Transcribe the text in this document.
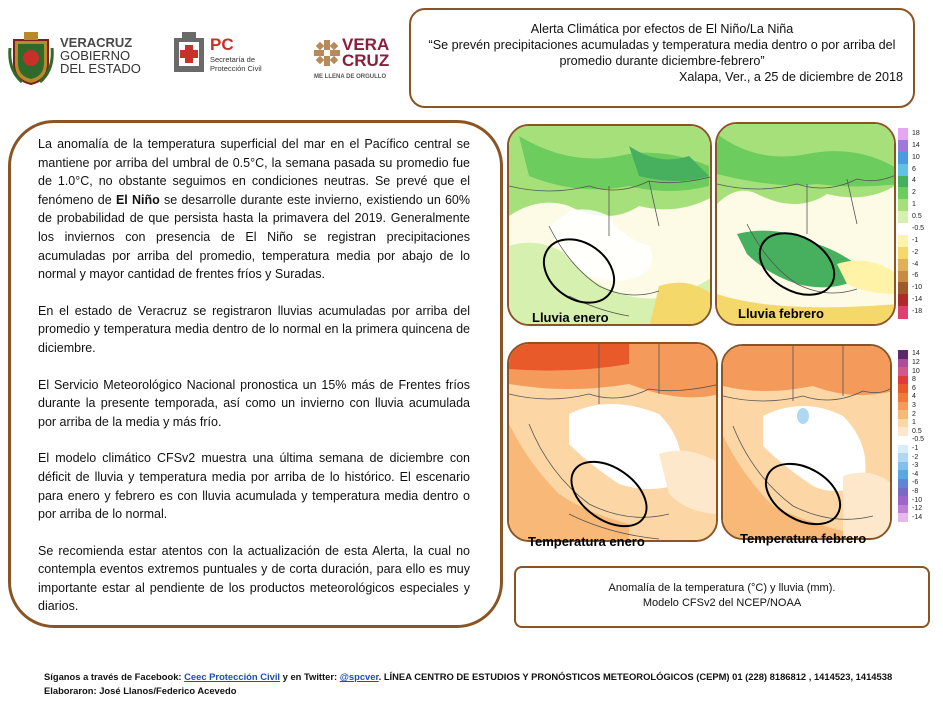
VERACRUZ
GOBIERNO
DEL ESTADO
PC
Secretaría de
Protección Civil
VERA
CRUZ
ME LLENA DE ORGULLO
Alerta Climática por efectos de El Niño/La Niña
“Se prevén precipitaciones acumuladas y temperatura media dentro o por arriba del promedio durante diciembre-febrero”
Xalapa, Ver., a 25 de diciembre de 2018

La anomalía de la temperatura superficial del mar en el Pacífico central se mantiene por arriba del umbral de 0.5°C, la semana pasada su promedio fue de 1.0°C, no obstante seguimos en condiciones neutras. Se prevé que el fenómeno de El Niño se desarrolle durante este invierno, existiendo un 60% de probabilidad de que persista hasta la primavera del 2019. Generalmente los inviernos con presencia de El Niño se registran precipitaciones acumuladas por arriba del promedio, temperatura media por abajo de lo normal y mayor cantidad de frentes fríos y Suradas.

En el estado de Veracruz se registraron lluvias acumuladas por arriba del promedio y temperatura media dentro de lo normal en la primera quincena de diciembre.

El Servicio Meteorológico Nacional pronostica un 15% más de Frentes fríos durante la presente temporada, así como un invierno con lluvia acumulada por arriba de la media y más frío.

El modelo climático CFSv2 muestra una última semana de diciembre con déficit de lluvia y temperatura media por arriba de lo histórico. El escenario para enero y febrero es con lluvia acumulada y temperatura media dentro o por arriba de lo normal.

Se recomienda estar atentos con la actualización de esta Alerta, la cual no contempla eventos extremos puntuales y de corta duración, para ello es muy importante estar al pendiente de los productos meteorológicos especiales y diarios.

Lluvia enero	Lluvia febrero
18
14
10
6
4
2
1
0.5
-0.5
-1
-2
-4
-6
-10
-14
-18
Temperatura enero	Temperatura febrero
14
12
10
8
6
4
3
2
1
0.5
-0.5
-1
-2
-3
-4
-6
-8
-10
-12
-14
Anomalía de la temperatura (°C) y lluvia (mm).
Modelo CFSv2 del NCEP/NOAA
Síganos a través de Facebook: Ceec Protección Civil y en Twitter: @spcver. LÍNEA CENTRO DE ESTUDIOS Y PRONÓSTICOS METEOROLÓGICOS (CEPM) 01 (228) 8186812 , 1414523, 1414538
Elaboraron: José Llanos/Federico Acevedo
